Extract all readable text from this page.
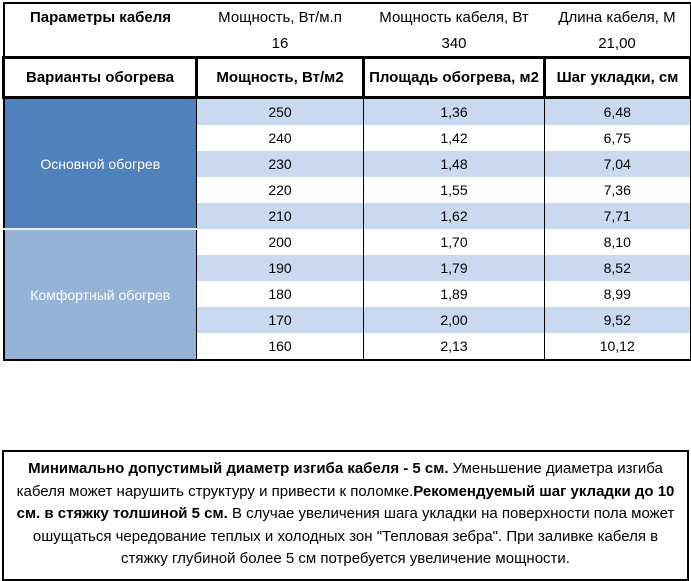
Параметры кабеля	Мощность, Вт/м.п	Мощность кабеля, Вт	Длина кабеля, М
	16	340	21,00
Варианты обогрева	Мощность, Вт/м2	Площадь обогрева, м2	Шаг укладки, см
Основной обогрев	250	1,36	6,48
	240	1,42	6,75
	230	1,48	7,04
	220	1,55	7,36
	210	1,62	7,71
Комфортный обогрев	200	1,70	8,10
	190	1,79	8,52
	180	1,89	8,99
	170	2,00	9,52
	160	2,13	10,12
Минимально допустимый диаметр изгиба кабеля - 5 см. Уменьшение диаметра изгиба кабеля может нарушить структуру и привести к поломке.Рекомендуемый шаг укладки до 10 см. в стяжку толшиной 5 см. В случае увеличения шага укладки на поверхности пола может ошущаться чередование теплых и холодных зон "Тепловая зебра". При заливке кабеля в стяжку глубиной более 5 см потребуется увеличение мощности.
